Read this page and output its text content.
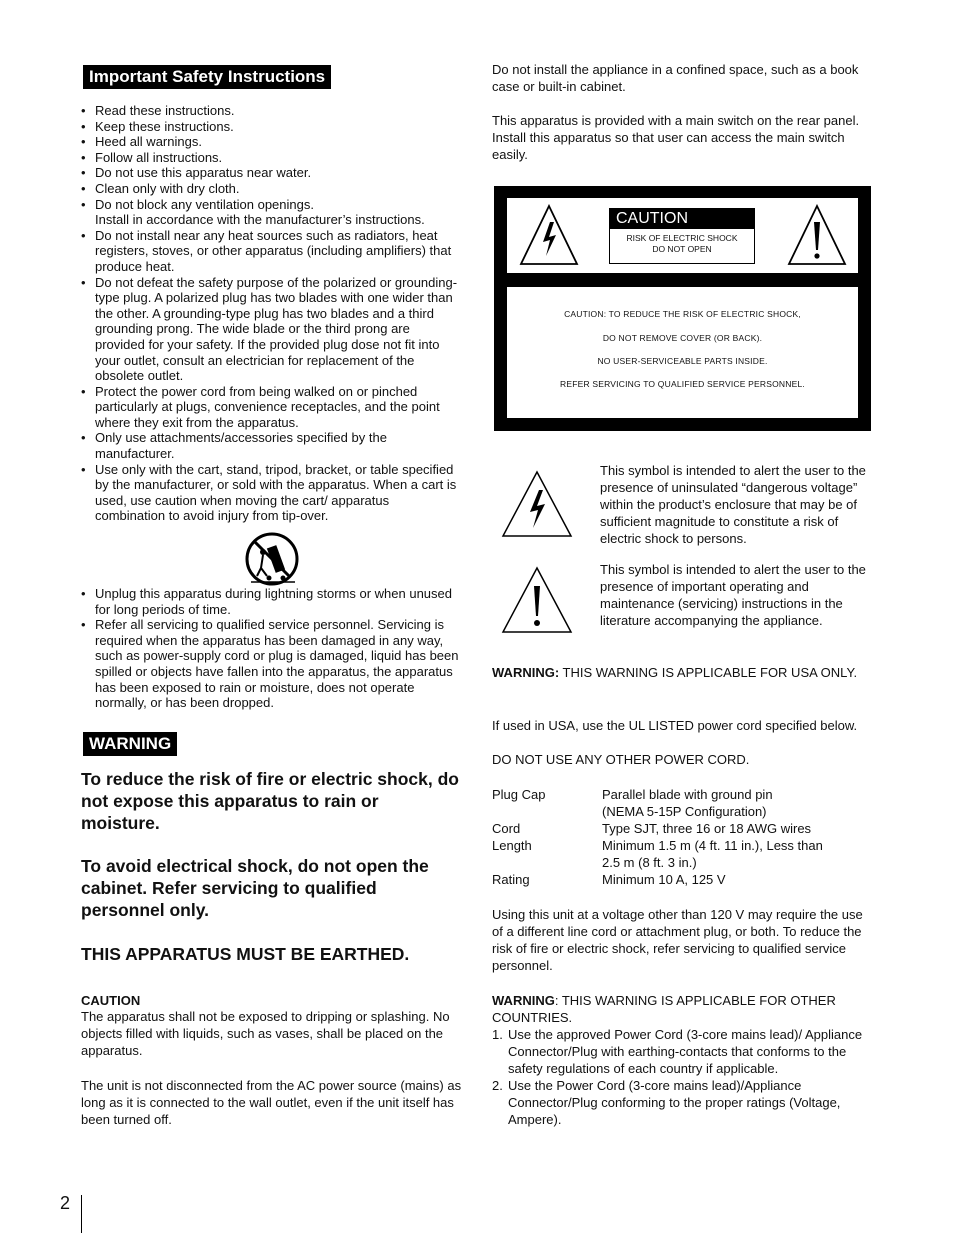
Important Safety Instructions
• Read these instructions.
• Keep these instructions.
• Heed all warnings.
• Follow all instructions.
• Do not use this apparatus near water.
• Clean only with dry cloth.
• Do not block any ventilation openings.
Install in accordance with the manufacturer’s instructions.
• Do not install near any heat sources such as radiators, heat registers, stoves, or other apparatus (including amplifiers) that produce heat.
• Do not defeat the safety purpose of the polarized or grounding-type plug. A polarized plug has two blades with one wider than the other. A grounding-type plug has two blades and a third grounding prong. The wide blade or the third prong are provided for your safety. If the provided plug dose not fit into your outlet, consult an electrician for replacement of the obsolete outlet.
• Protect the power cord from being walked on or pinched particularly at plugs, convenience receptacles, and the point where they exit from the apparatus.
• Only use attachments/accessories specified by the manufacturer.
• Use only with the cart, stand, tripod, bracket, or table specified by the manufacturer, or sold with the apparatus. When a cart is used, use caution when moving the cart/ apparatus combination to avoid injury from tip-over.
• Unplug this apparatus during lightning storms or when unused for long periods of time.
• Refer all servicing to qualified service personnel. Servicing is required when the apparatus has been damaged in any way, such as power-supply cord or plug is damaged, liquid has been spilled or objects have fallen into the apparatus, the apparatus has been exposed to rain or moisture, does not operate normally, or has been dropped.
WARNING

To reduce the risk of fire or electric shock, do not expose this apparatus to rain or moisture.

To avoid electrical shock, do not open the cabinet. Refer servicing to qualified personnel only.

THIS APPARATUS MUST BE EARTHED.

CAUTION

The apparatus shall not be exposed to dripping or splashing. No objects filled with liquids, such as vases, shall be placed on the apparatus.

The unit is not disconnected from the AC power source (mains) as long as it is connected to the wall outlet, even if the unit itself has been turned off.

Do not install the appliance in a confined space, such as a book case or built-in cabinet.

This apparatus is provided with a main switch on the rear panel. Install this apparatus so that user can access the main switch easily.

WARNING: THIS WARNING IS APPLICABLE FOR USA ONLY.

If used in USA, use the UL LISTED power cord specified below.

DO NOT USE ANY OTHER POWER CORD.

Plug Cap	Parallel blade with ground pin
(NEMA 5-15P Configuration)
Cord	Type SJT, three 16 or 18 AWG wires
Length	Minimum 1.5 m (4 ft. 11 in.), Less than
2.5 m (8 ft. 3 in.)
Rating	Minimum 10 A, 125 V

Using this unit at a voltage other than 120 V may require the use of a different line cord or attachment plug, or both. To reduce the risk of fire or electric shock, refer servicing to qualified service personnel.

WARNING: THIS WARNING IS APPLICABLE FOR OTHER COUNTRIES.

1. Use the approved Power Cord (3-core mains lead)/ Appliance Connector/Plug with earthing-contacts that conforms to the safety regulations of each country if applicable.
2. Use the Power Cord (3-core mains lead)/Appliance Connector/Plug conforming to the proper ratings (Voltage, Ampere).
CAUTION
RISK OF ELECTRIC SHOCK
DO NOT OPEN

CAUTION: TO REDUCE THE RISK OF ELECTRIC SHOCK,

DO NOT REMOVE COVER (OR BACK).

NO USER-SERVICEABLE PARTS INSIDE.

REFER SERVICING TO QUALIFIED SERVICE PERSONNEL.

This symbol is intended to alert the user to the presence of uninsulated “dangerous voltage” within the product’s enclosure that may be of sufficient magnitude to constitute a risk of electric shock to persons.

This symbol is intended to alert the user to the presence of important operating and maintenance (servicing) instructions in the literature accompanying the appliance.

2
